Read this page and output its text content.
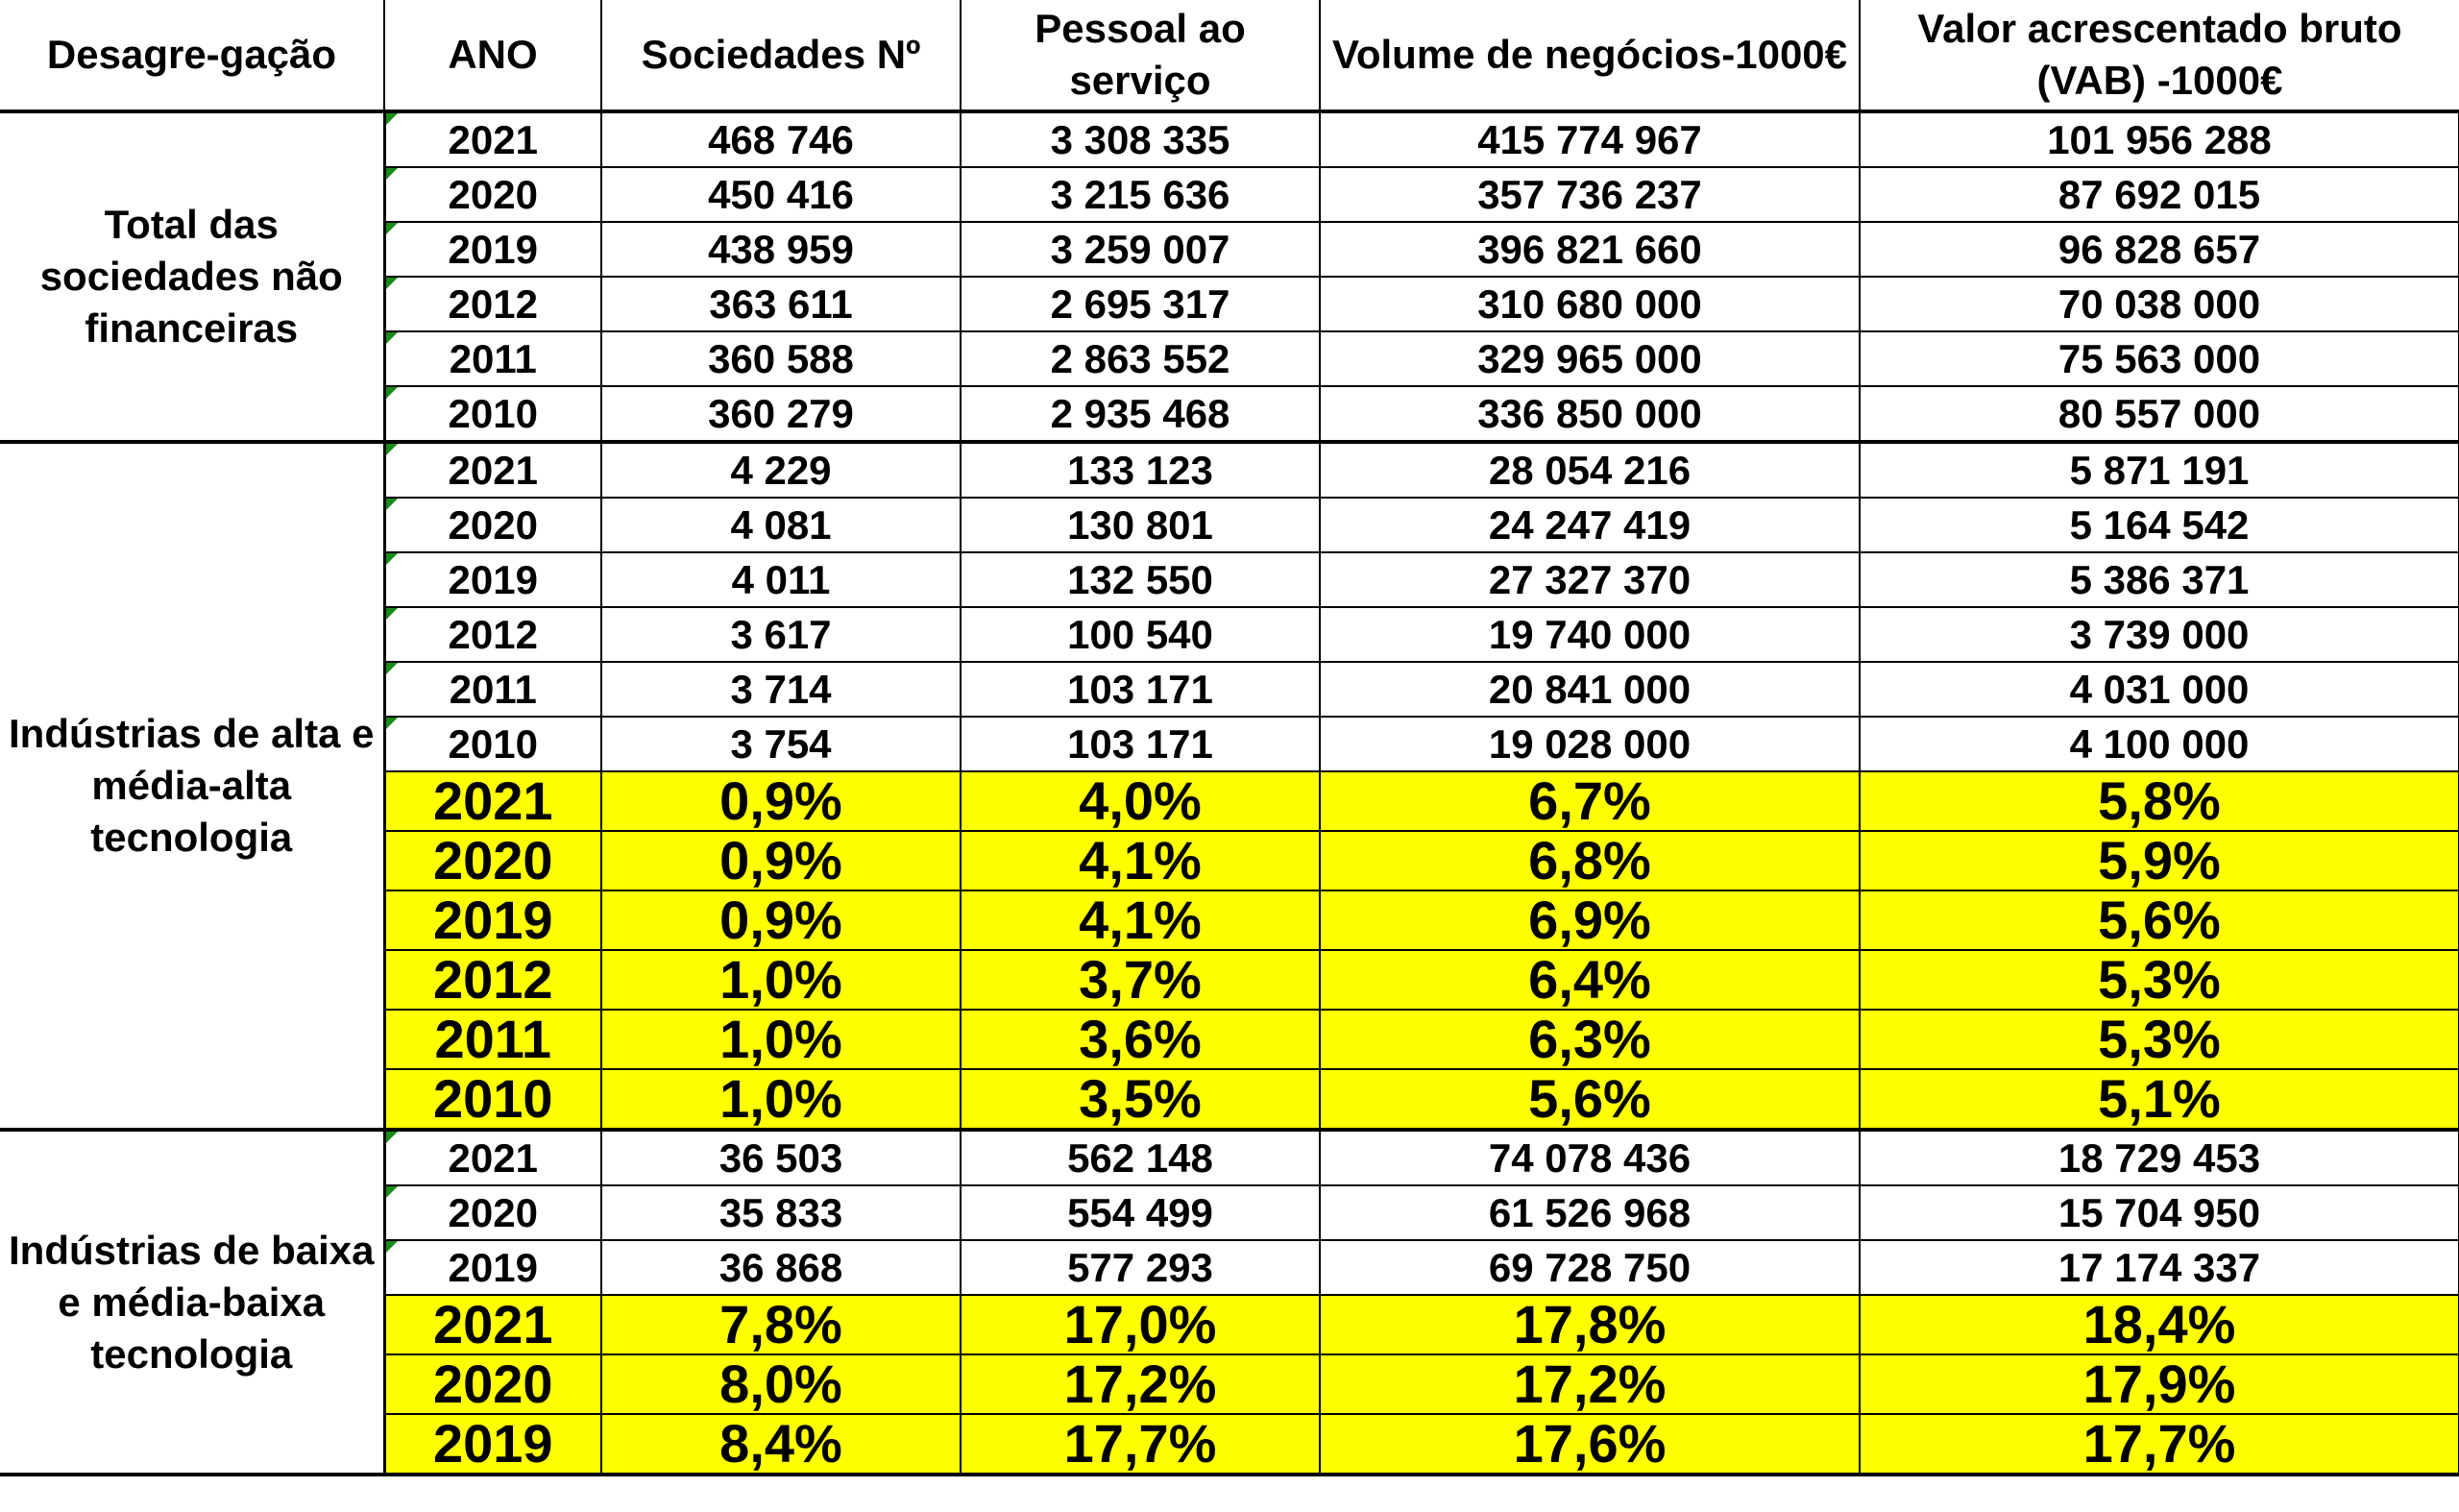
Desagre-gação	ANO	Sociedades Nº	Pessoal ao serviço	Volume de negócios-1000€	Valor acrescentado bruto (VAB) -1000€
Total das sociedades não financeiras	2021	468 746	3 308 335	415 774 967	101 956 288

2020	450 416	3 215 636	357 736 237	87 692 015

2019	438 959	3 259 007	396 821 660	96 828 657

2012	363 611	2 695 317	310 680 000	70 038 000

2011	360 588	2 863 552	329 965 000	75 563 000

2010	360 279	2 935 468	336 850 000	80 557 000
Indústrias de alta e média-alta tecnologia	2021	4 229	133 123	28 054 216	5 871 191

2020	4 081	130 801	24 247 419	5 164 542

2019	4 011	132 550	27 327 370	5 386 371

2012	3 617	100 540	19 740 000	3 739 000

2011	3 714	103 171	20 841 000	4 031 000

2010	3 754	103 171	19 028 000	4 100 000
	2021	0,9%	4,0%	6,7%	5,8%
	2020	0,9%	4,1%	6,8%	5,9%
	2019	0,9%	4,1%	6,9%	5,6%
	2012	1,0%	3,7%	6,4%	5,3%
	2011	1,0%	3,6%	6,3%	5,3%
	2010	1,0%	3,5%	5,6%	5,1%
Indústrias de baixa e média-baixa tecnologia	2021	36 503	562 148	74 078 436	18 729 453

2020	35 833	554 499	61 526 968	15 704 950

2019	36 868	577 293	69 728 750	17 174 337
	2021	7,8%	17,0%	17,8%	18,4%
	2020	8,0%	17,2%	17,2%	17,9%
	2019	8,4%	17,7%	17,6%	17,7%
